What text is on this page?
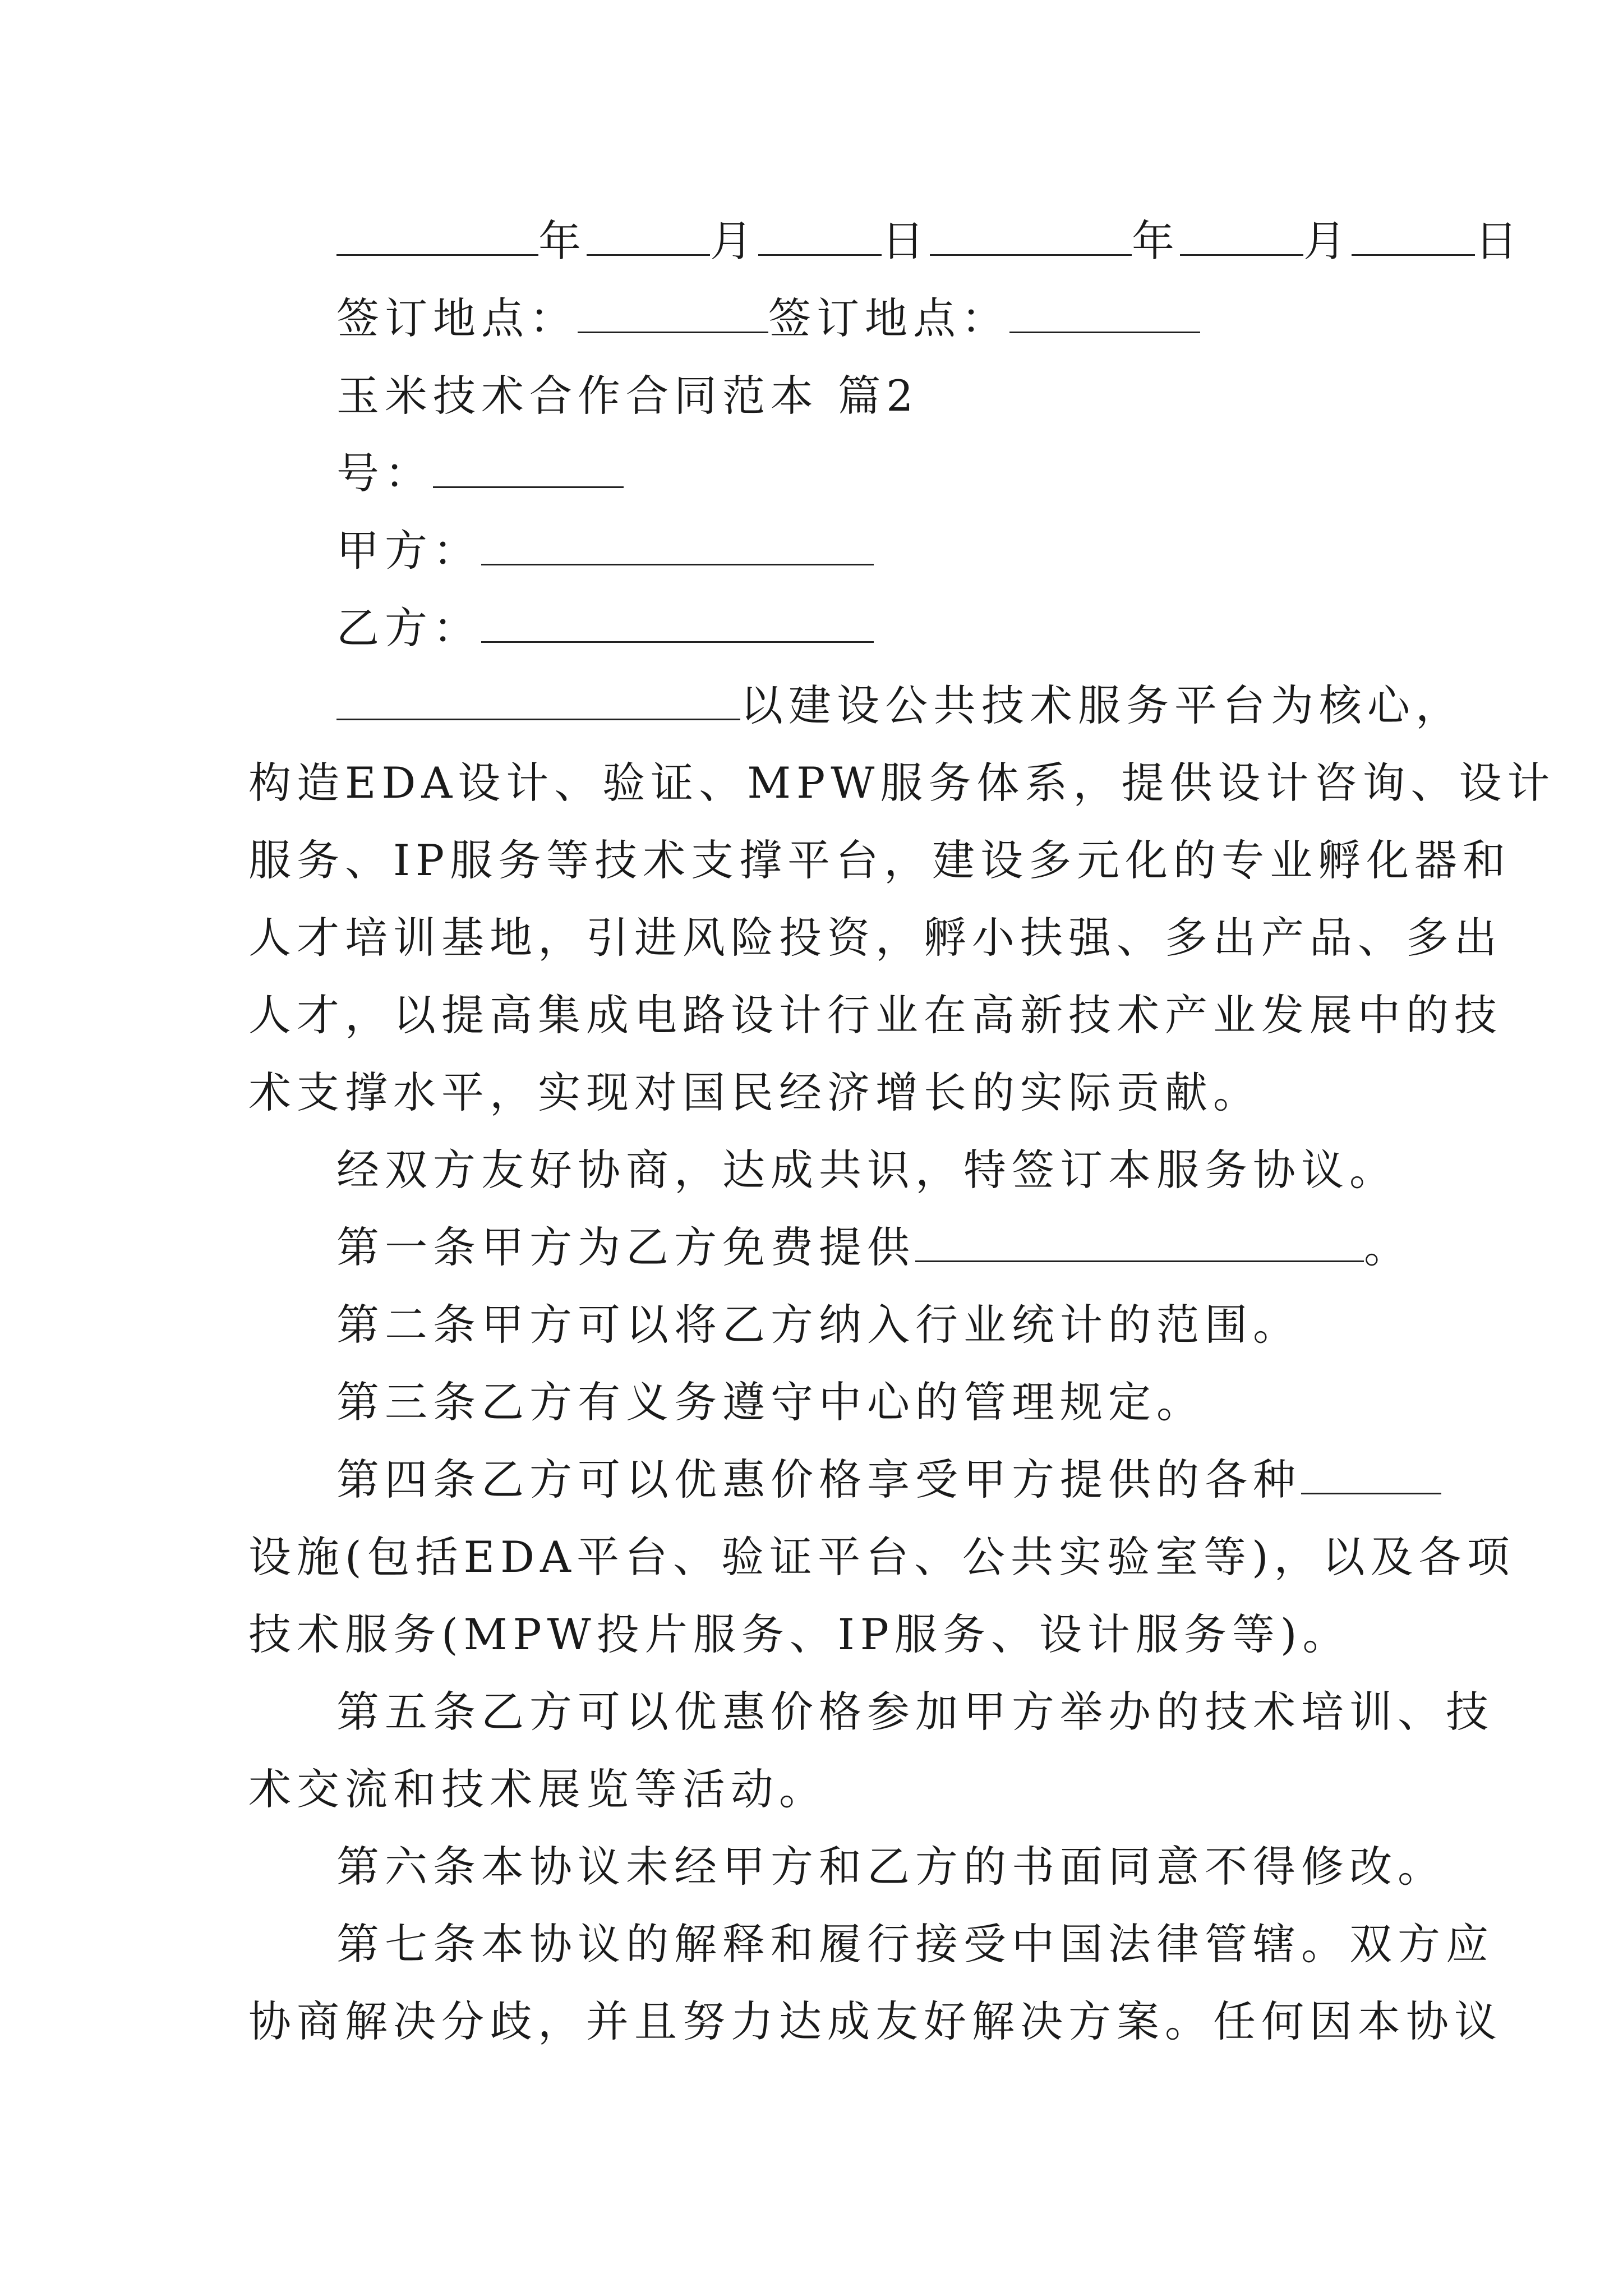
年	月	日	年	月	日
签订地点：	签订地点：
玉米技术合作合同范本 篇2
号：
甲方：
乙方：
以建设公共技术服务平台为核心，
构造EDA设计、验证、MPW服务体系，提供设计咨询、设计
服务、IP服务等技术支撑平台，建设多元化的专业孵化器和
人才培训基地，引进风险投资，孵小扶强、多出产品、多出
人才，以提高集成电路设计行业在高新技术产业发展中的技
术支撑水平，实现对国民经济增长的实际贡献。
经双方友好协商，达成共识，特签订本服务协议。
第一条甲方为乙方免费提供	。
第二条甲方可以将乙方纳入行业统计的范围。
第三条乙方有义务遵守中心的管理规定。
第四条乙方可以优惠价格享受甲方提供的各种
设施(包括EDA平台、验证平台、公共实验室等)，以及各项
技术服务(MPW投片服务、IP服务、设计服务等)。
第五条乙方可以优惠价格参加甲方举办的技术培训、技
术交流和技术展览等活动。
第六条本协议未经甲方和乙方的书面同意不得修改。
第七条本协议的解释和履行接受中国法律管辖。双方应
协商解决分歧，并且努力达成友好解决方案。任何因本协议
